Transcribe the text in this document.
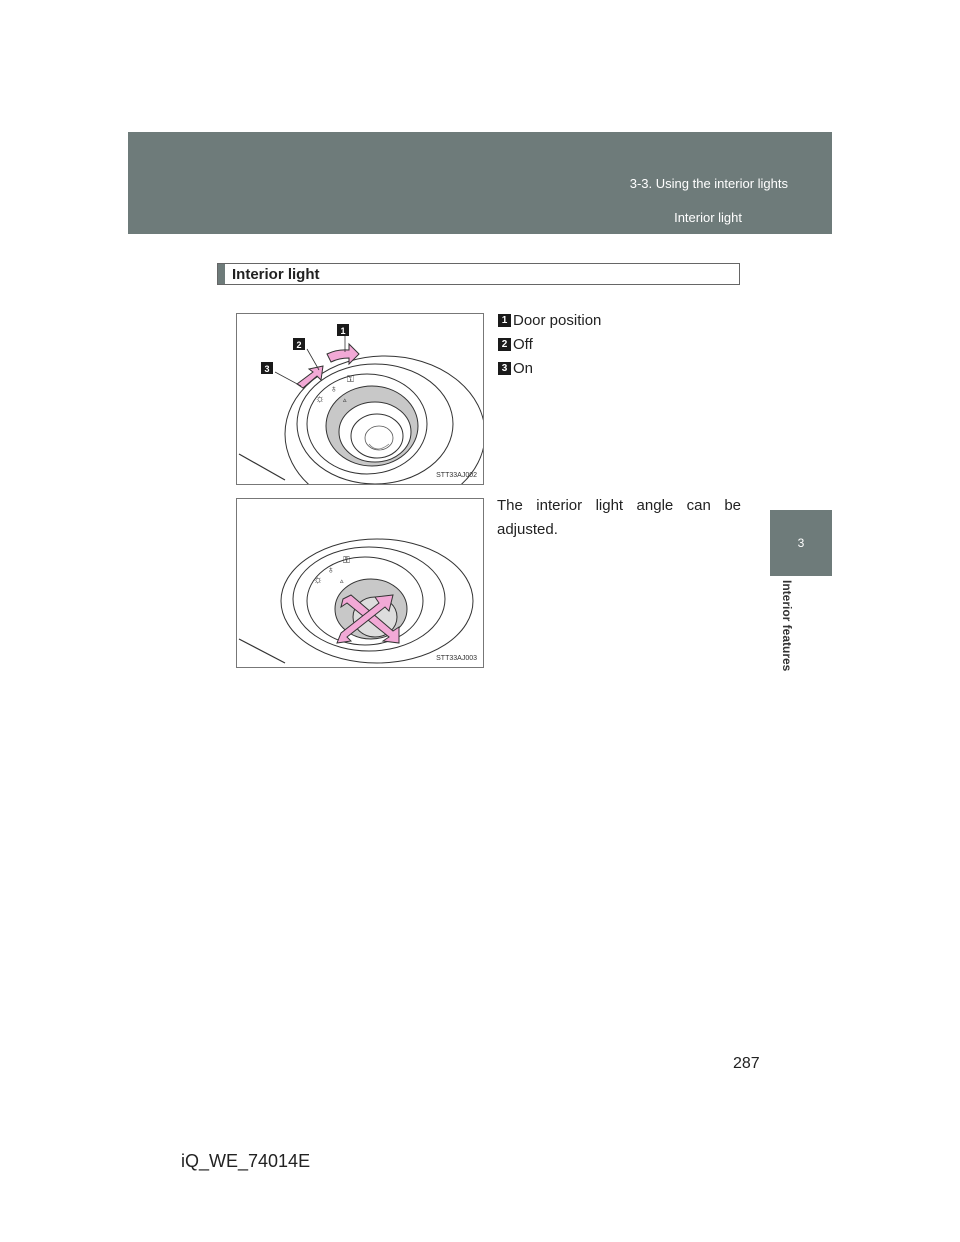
3-3. Using the interior lights
Interior light
3
Interior features
Interior light
☼
♁
⚿
▵
1
2
3
STT33AJ002
1 Door position
2 Off
3 On
☼
♁
⚿
▵
STT33AJ003
The interior light angle can be adjusted.
287
iQ_WE_74014E
